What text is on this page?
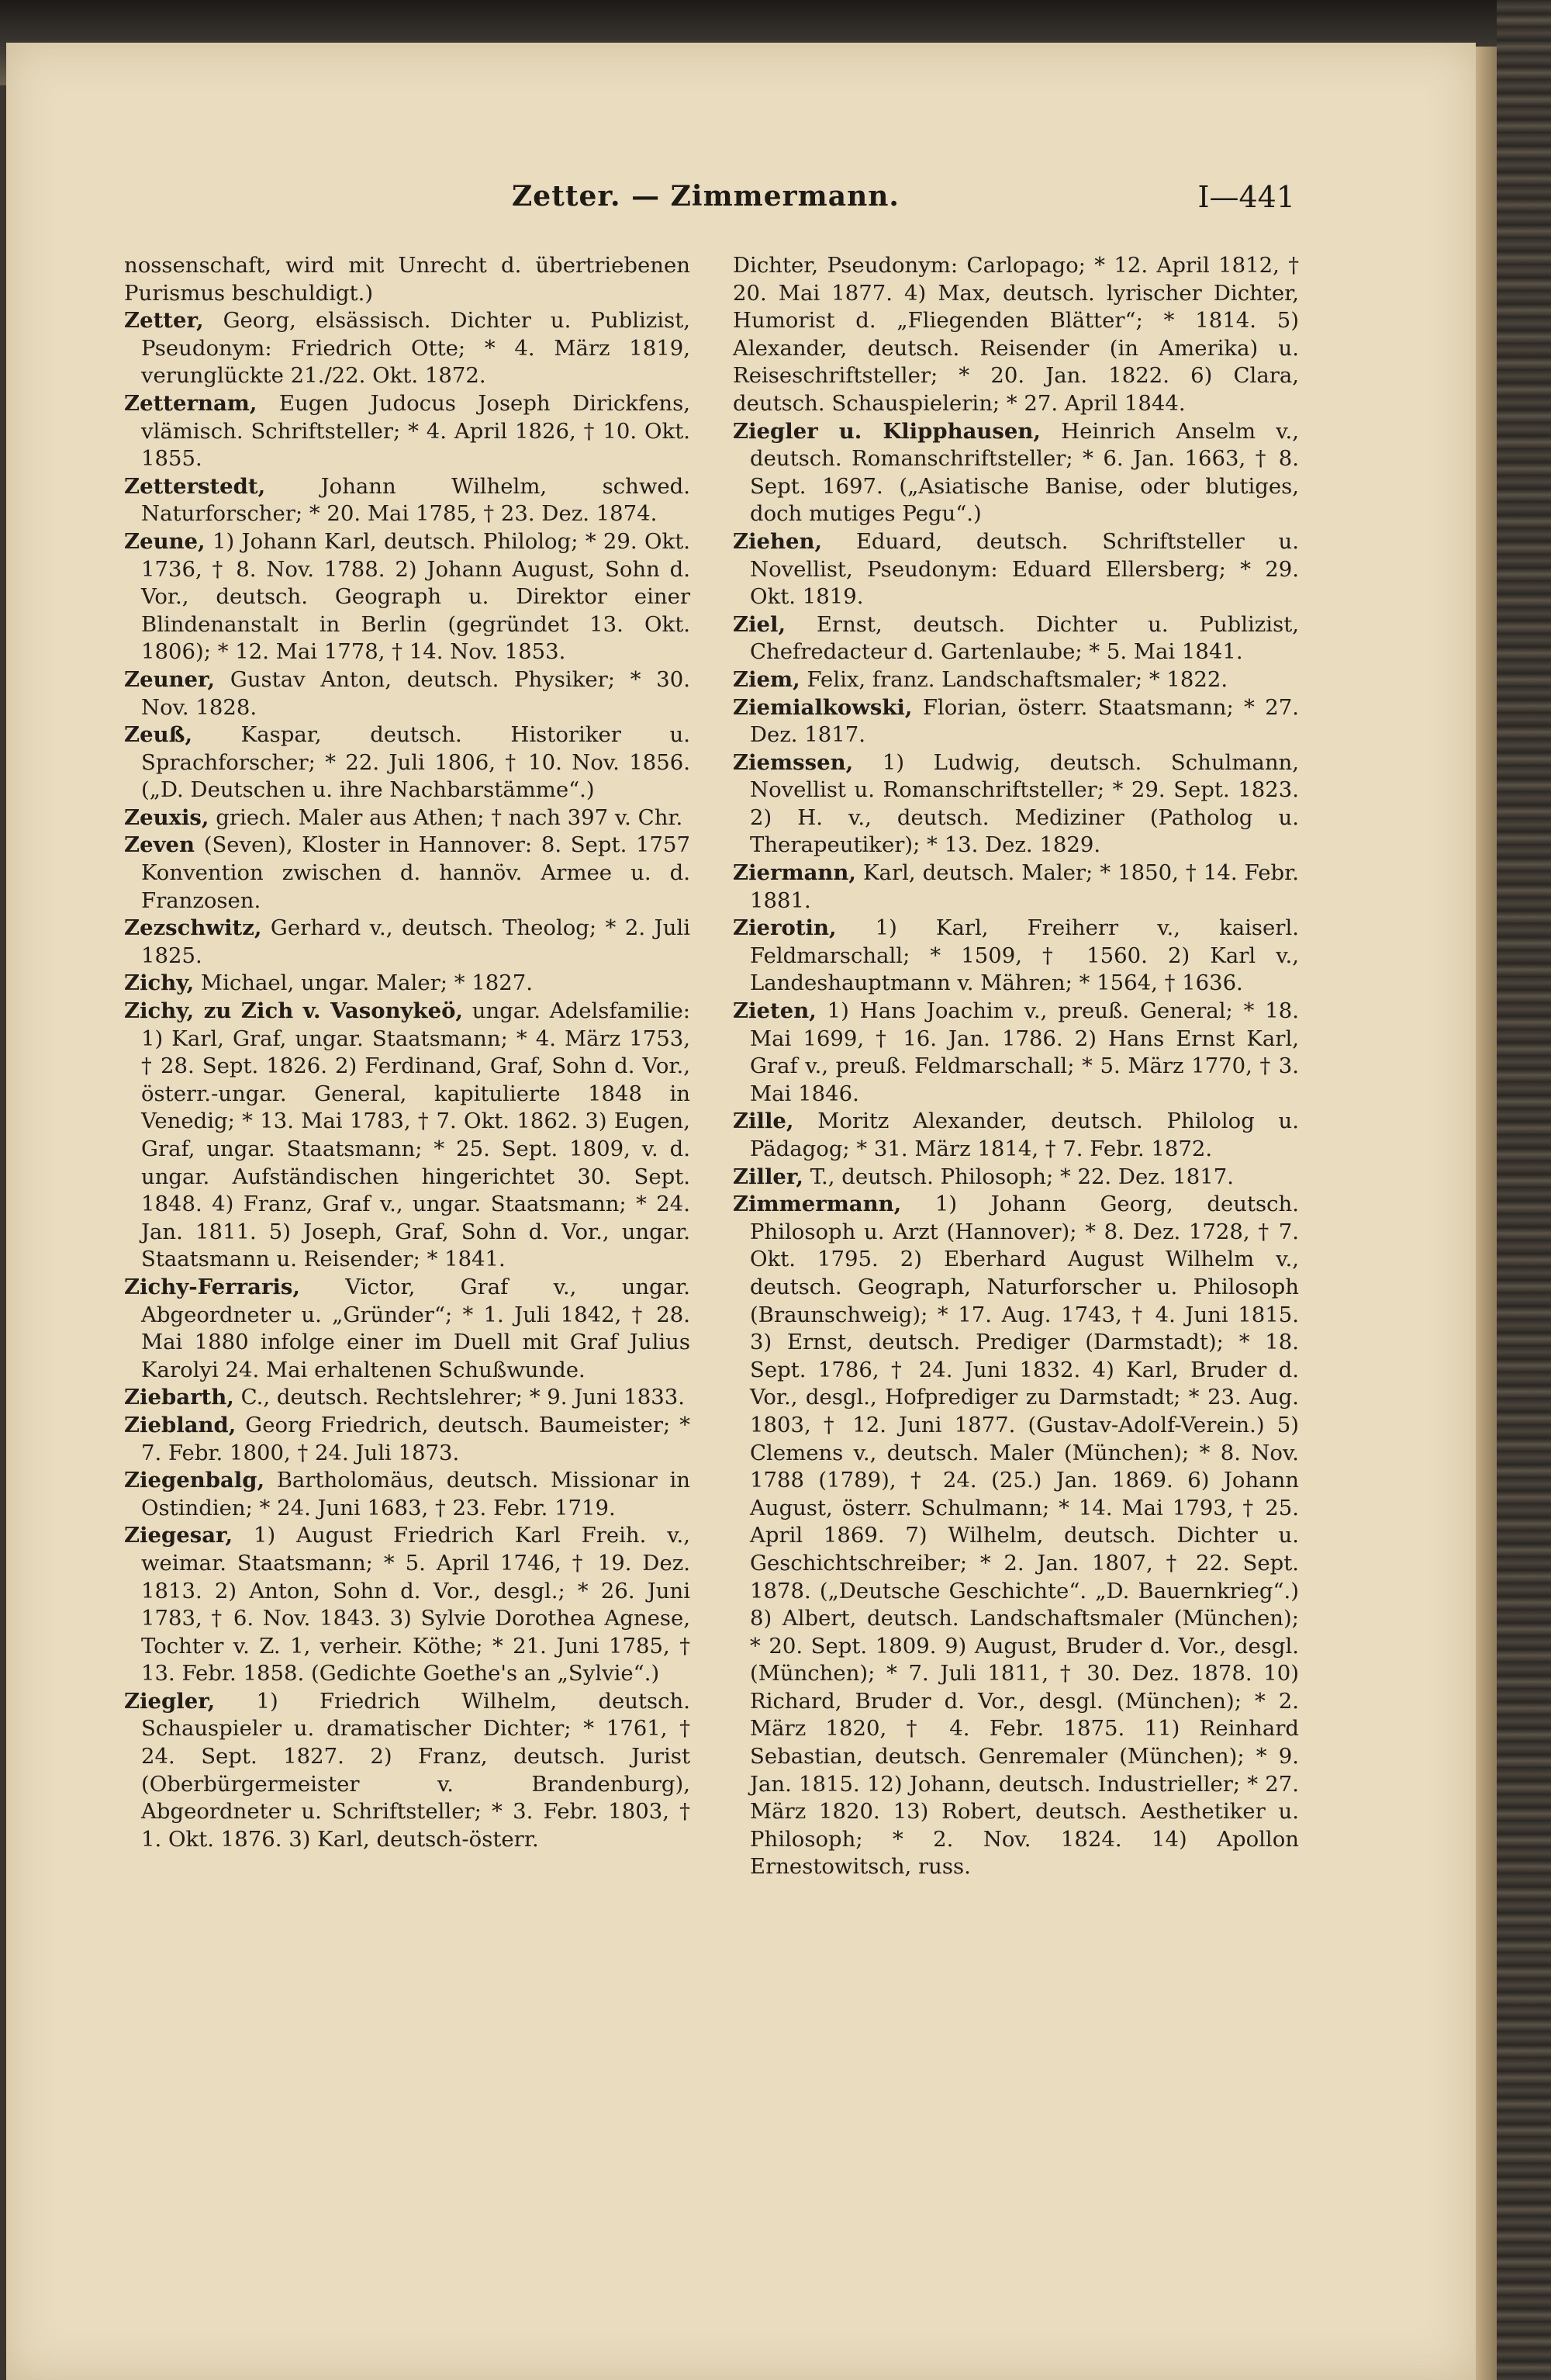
Zetter. — Zimmermann.	I—441

nossenschaft, wird mit Unrecht d. übertriebenen Purismus beschuldigt.)

Zetter, Georg, elsässisch. Dichter u. Publizist, Pseudonym: Friedrich Otte; * 4. März 1819, verunglückte 21./22. Okt. 1872.

Zetternam, Eugen Judocus Joseph Dirickfens, vlämisch. Schriftsteller; * 4. April 1826, † 10. Okt. 1855.

Zetterstedt, Johann Wilhelm, schwed. Naturforscher; * 20. Mai 1785, † 23. Dez. 1874.

Zeune, 1) Johann Karl, deutsch. Philolog; * 29. Okt. 1736, † 8. Nov. 1788. 2) Johann August, Sohn d. Vor., deutsch. Geograph u. Direktor einer Blindenanstalt in Berlin (gegründet 13. Okt. 1806); * 12. Mai 1778, † 14. Nov. 1853.

Zeuner, Gustav Anton, deutsch. Physiker; * 30. Nov. 1828.

Zeuß, Kaspar, deutsch. Historiker u. Sprachforscher; * 22. Juli 1806, † 10. Nov. 1856. („D. Deutschen u. ihre Nachbarstämme“.)

Zeuxis, griech. Maler aus Athen; † nach 397 v. Chr.

Zeven (Seven), Kloster in Hannover: 8. Sept. 1757 Konvention zwischen d. hannöv. Armee u. d. Franzosen.

Zezschwitz, Gerhard v., deutsch. Theolog; * 2. Juli 1825.

Zichy, Michael, ungar. Maler; * 1827.

Zichy, zu Zich v. Vasonykeö, ungar. Adelsfamilie: 1) Karl, Graf, ungar. Staatsmann; * 4. März 1753, † 28. Sept. 1826. 2) Ferdinand, Graf, Sohn d. Vor., österr.-ungar. General, kapitulierte 1848 in Venedig; * 13. Mai 1783, † 7. Okt. 1862. 3) Eugen, Graf, ungar. Staatsmann; * 25. Sept. 1809, v. d. ungar. Aufständischen hingerichtet 30. Sept. 1848. 4) Franz, Graf v., ungar. Staatsmann; * 24. Jan. 1811. 5) Joseph, Graf, Sohn d. Vor., ungar. Staatsmann u. Reisender; * 1841.

Zichy-Ferraris, Victor, Graf v., ungar. Abgeordneter u. „Gründer“; * 1. Juli 1842, † 28. Mai 1880 infolge einer im Duell mit Graf Julius Karolyi 24. Mai erhaltenen Schußwunde.

Ziebarth, C., deutsch. Rechtslehrer; * 9. Juni 1833.

Ziebland, Georg Friedrich, deutsch. Baumeister; * 7. Febr. 1800, † 24. Juli 1873.

Ziegenbalg, Bartholomäus, deutsch. Missionar in Ostindien; * 24. Juni 1683, † 23. Febr. 1719.

Ziegesar, 1) August Friedrich Karl Freih. v., weimar. Staatsmann; * 5. April 1746, † 19. Dez. 1813. 2) Anton, Sohn d. Vor., desgl.; * 26. Juni 1783, † 6. Nov. 1843. 3) Sylvie Dorothea Agnese, Tochter v. Z. 1, verheir. Köthe; * 21. Juni 1785, † 13. Febr. 1858. (Gedichte Goethe's an „Sylvie“.)

Ziegler, 1) Friedrich Wilhelm, deutsch. Schauspieler u. dramatischer Dichter; * 1761, † 24. Sept. 1827. 2) Franz, deutsch. Jurist (Oberbürgermeister v. Brandenburg), Abgeordneter u. Schriftsteller; * 3. Febr. 1803, † 1. Okt. 1876. 3) Karl, deutsch-österr.

Dichter, Pseudonym: Carlopago; * 12. April 1812, † 20. Mai 1877. 4) Max, deutsch. lyrischer Dichter, Humorist d. „Fliegenden Blätter“; * 1814. 5) Alexander, deutsch. Reisender (in Amerika) u. Reiseschriftsteller; * 20. Jan. 1822. 6) Clara, deutsch. Schauspielerin; * 27. April 1844.

Ziegler u. Klipphausen, Heinrich Anselm v., deutsch. Romanschriftsteller; * 6. Jan. 1663, † 8. Sept. 1697. („Asiatische Banise, oder blutiges, doch mutiges Pegu“.)

Ziehen, Eduard, deutsch. Schriftsteller u. Novellist, Pseudonym: Eduard Ellersberg; * 29. Okt. 1819.

Ziel, Ernst, deutsch. Dichter u. Publizist, Chefredacteur d. Gartenlaube; * 5. Mai 1841.

Ziem, Felix, franz. Landschaftsmaler; * 1822.

Ziemialkowski, Florian, österr. Staatsmann; * 27. Dez. 1817.

Ziemssen, 1) Ludwig, deutsch. Schulmann, Novellist u. Romanschriftsteller; * 29. Sept. 1823. 2) H. v., deutsch. Mediziner (Patholog u. Therapeutiker); * 13. Dez. 1829.

Ziermann, Karl, deutsch. Maler; * 1850, † 14. Febr. 1881.

Zierotin, 1) Karl, Freiherr v., kaiserl. Feldmarschall; * 1509, † 1560. 2) Karl v., Landeshauptmann v. Mähren; * 1564, † 1636.

Zieten, 1) Hans Joachim v., preuß. General; * 18. Mai 1699, † 16. Jan. 1786. 2) Hans Ernst Karl, Graf v., preuß. Feldmarschall; * 5. März 1770, † 3. Mai 1846.

Zille, Moritz Alexander, deutsch. Philolog u. Pädagog; * 31. März 1814, † 7. Febr. 1872.

Ziller, T., deutsch. Philosoph; * 22. Dez. 1817.

Zimmermann, 1) Johann Georg, deutsch. Philosoph u. Arzt (Hannover); * 8. Dez. 1728, † 7. Okt. 1795. 2) Eberhard August Wilhelm v., deutsch. Geograph, Naturforscher u. Philosoph (Braunschweig); * 17. Aug. 1743, † 4. Juni 1815. 3) Ernst, deutsch. Prediger (Darmstadt); * 18. Sept. 1786, † 24. Juni 1832. 4) Karl, Bruder d. Vor., desgl., Hofprediger zu Darmstadt; * 23. Aug. 1803, † 12. Juni 1877. (Gustav-Adolf-Verein.) 5) Clemens v., deutsch. Maler (München); * 8. Nov. 1788 (1789), † 24. (25.) Jan. 1869. 6) Johann August, österr. Schulmann; * 14. Mai 1793, † 25. April 1869. 7) Wilhelm, deutsch. Dichter u. Geschichtschreiber; * 2. Jan. 1807, † 22. Sept. 1878. („Deutsche Geschichte“. „D. Bauernkrieg“.) 8) Albert, deutsch. Landschaftsmaler (München); * 20. Sept. 1809. 9) August, Bruder d. Vor., desgl. (München); * 7. Juli 1811, † 30. Dez. 1878. 10) Richard, Bruder d. Vor., desgl. (München); * 2. März 1820, † 4. Febr. 1875. 11) Reinhard Sebastian, deutsch. Genremaler (München); * 9. Jan. 1815. 12) Johann, deutsch. Industrieller; * 27. März 1820. 13) Robert, deutsch. Aesthetiker u. Philosoph; * 2. Nov. 1824. 14) Apollon Ernestowitsch, russ.
